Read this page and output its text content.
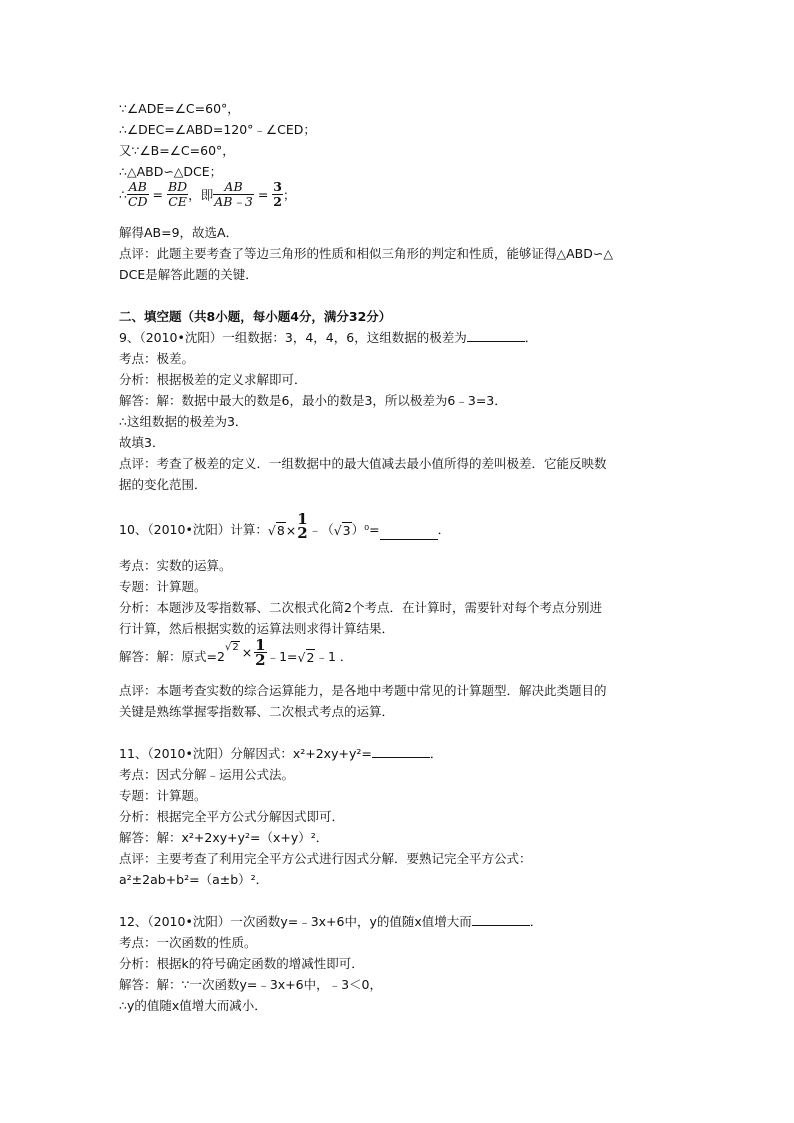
∵∠ADE=∠C=60°，
∴∠DEC=∠ABD=120°﹣∠CED；
又∵∠B=∠C=60°，
∴△ABD∽△DCE；
∴ $\frac{AB}{CD} = \frac{BD}{CE}$ ，即 $\frac{AB}{AB﹣3} = \frac{3}{2}$ ；
解得AB=9，故选A．
点评：此题主要考查了等边三角形的性质和相似三角形的判定和性质，能够证得△ABD∽△
DCE是解答此题的关键．
二、填空题（共8小题，每小题4分，满分32分）
9、（2010•沈阳）一组数据：3，4，4，6，这组数据的极差为	．
考点：极差。
分析：根据极差的定义求解即可．
解答：解：数据中最大的数是6，最小的数是3，所以极差为6﹣3=3．
∴这组数据的极差为3．
故填3．
点评：考查了极差的定义．一组数据中的最大值减去最小值所得的差叫极差．它能反映数
据的变化范围．
10、（2010•沈阳）计算：√8×
1
2 ﹣（√3）⁰=	．
考点：实数的运算。
专题：计算题。
分析：本题涉及零指数幂、二次根式化简2个考点．在计算时，需要针对每个考点分别进
行计算，然后根据实数的运算法则求得计算结果．
解答：解：原式$=2√2 \times \frac{1}{2}$ ﹣1=√2﹣1 ．
点评：本题考查实数的综合运算能力，是各地中考题中常见的计算题型．解决此类题目的
关键是熟练掌握零指数幂、二次根式考点的运算．
11、（2010•沈阳）分解因式：x²+2xy+y²=	．
考点：因式分解﹣运用公式法。
专题：计算题。
分析：根据完全平方公式分解因式即可．
解答：解：x²+2xy+y²=（x+y）²．
点评：主要考查了利用完全平方公式进行因式分解．要熟记完全平方公式：
a²±2ab+b²=（a±b）²．
12、（2010•沈阳）一次函数y=﹣3x+6中，y的值随x值增大而	．
考点：一次函数的性质。
分析：根据k的符号确定函数的增减性即可．
解答：解：∵一次函数y=﹣3x+6中，﹣3＜0，
∴y的值随x值增大而减小．
